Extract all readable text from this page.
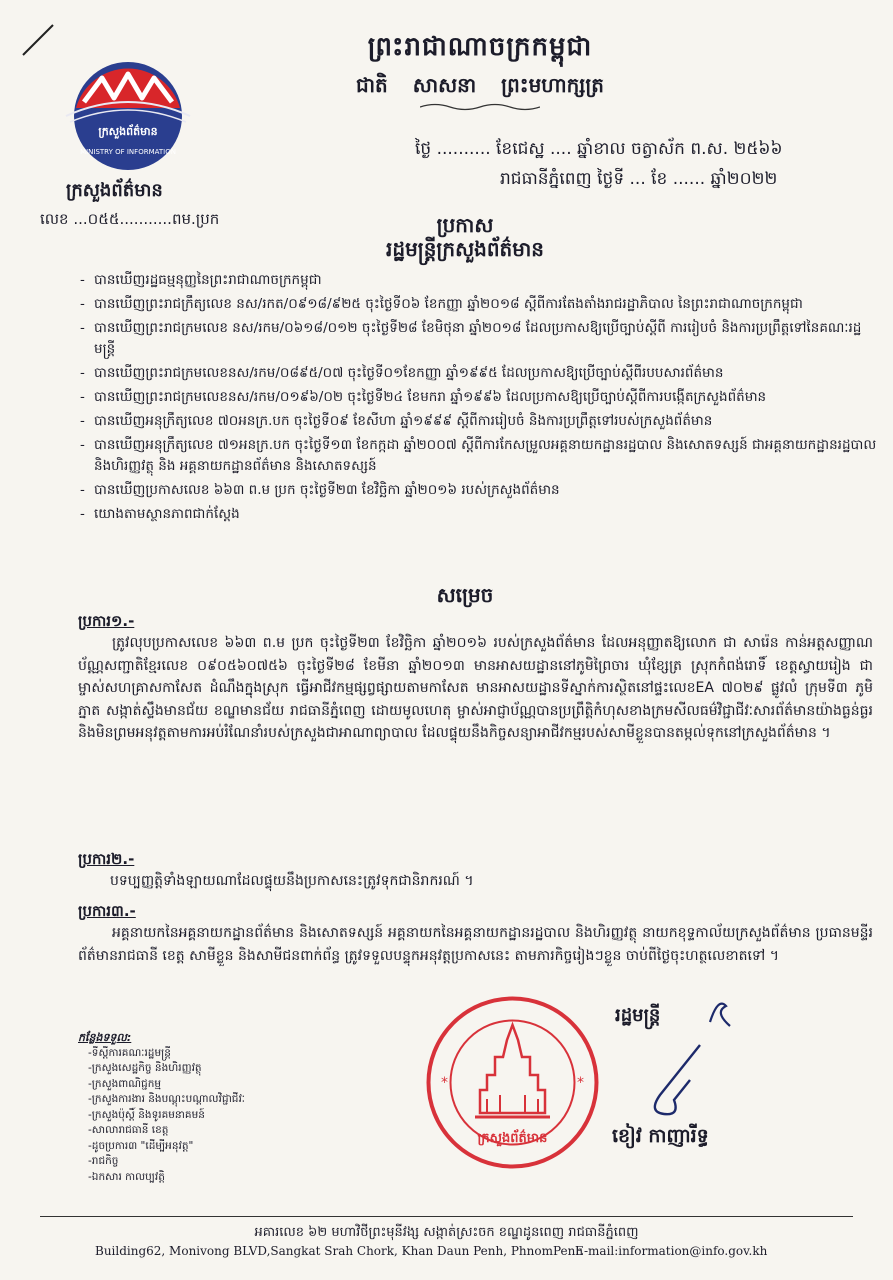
ក្រសួងព័ត៌មាន
MINISTRY OF INFORMATION
ព្រះរាជាណាចក្រកម្ពុជា
ជាតិ សាសនា ព្រះមហាក្សត្រ
ថ្ងៃ .......... ខែជេស្ឋ .... ឆ្នាំខាល ចត្វាស័ក ព.ស. ២៥៦៦
រាជធានីភ្នំពេញ ថ្ងៃទី ... ខែ ...... ឆ្នាំ២០២២
ក្រសួងព័ត៌មាន
លេខ ...០៥៥...........ពម.ប្រក	ប្រកាស
រដ្ឋមន្ត្រីក្រសួងព័ត៌មាន

- បានឃើញរដ្ឋធម្មនុញ្ញនៃព្រះរាជាណាចក្រកម្ពុជា

- បានឃើញព្រះរាជក្រឹត្យលេខ នស/រកត/០៩១៨/៩២៥ ចុះថ្ងៃទី០៦ ខែកញ្ញា ឆ្នាំ២០១៨ ស្ដីពីការតែងតាំងរាជរដ្ឋាភិបាល នៃព្រះរាជាណាចក្រកម្ពុជា

- បានឃើញព្រះរាជក្រមលេខ នស/រកម/០៦១៨/០១២ ចុះថ្ងៃទី២៨ ខែមិថុនា ឆ្នាំ២០១៨ ដែលប្រកាសឱ្យប្រើច្បាប់ស្ដីពី ការរៀបចំ និងការប្រព្រឹត្តទៅនៃគណៈរដ្ឋមន្ត្រី

- បានឃើញព្រះរាជក្រមលេខនស/រកម/០៨៩៥/០៧ ចុះថ្ងៃទី០១ខែកញ្ញា ឆ្នាំ១៩៩៥ ដែលប្រកាសឱ្យប្រើច្បាប់ស្ដីពីរបបសារព័ត៌មាន

- បានឃើញព្រះរាជក្រមលេខនស/រកម/០១៩៦/០២ ចុះថ្ងៃទី២៤ ខែមករា ឆ្នាំ១៩៩៦ ដែលប្រកាសឱ្យប្រើច្បាប់ស្ដីពីការបង្កើតក្រសួងព័ត៌មាន

- បានឃើញអនុក្រឹត្យលេខ ៧០អនក្រ.បក ចុះថ្ងៃទី០៩ ខែសីហា ឆ្នាំ១៩៩៩ ស្ដីពីការរៀបចំ និងការប្រព្រឹត្តទៅរបស់ក្រសួងព័ត៌មាន

- បានឃើញអនុក្រឹត្យលេខ ៧១អនក្រ.បក ចុះថ្ងៃទី១៣ ខែកក្កដា ឆ្នាំ២០០៧ ស្ដីពីការកែសម្រួលអគ្គនាយកដ្ឋានរដ្ឋបាល និងសោតទស្សន៍ ជាអគ្គនាយកដ្ឋានរដ្ឋបាល និងហិរញ្ញវត្ថុ និង អគ្គនាយកដ្ឋានព័ត៌មាន និងសោតទស្សន៍

- បានឃើញប្រកាសលេខ ៦៦៣ ព.ម ប្រក ចុះថ្ងៃទី២៣ ខែវិច្ឆិកា ឆ្នាំ២០១៦ របស់ក្រសួងព័ត៌មាន

- យោងតាមស្ថានភាពជាក់ស្ដែង

សម្រេច
ប្រការ១.-
ត្រូវលុបប្រកាសលេខ ៦៦៣ ព.ម ប្រក ចុះថ្ងៃទី២៣ ខែវិច្ឆិកា ឆ្នាំ២០១៦ របស់ក្រសួងព័ត៌មាន ដែលអនុញ្ញាតឱ្យលោក ជា សារ៉េន កាន់អត្តសញ្ញាណប័ណ្ណសញ្ជាតិខ្មែរលេខ ០៩០៥៦០៧៥៦ ចុះថ្ងៃទី២៨ ខែមីនា ឆ្នាំ២០១៣ មានអាសយដ្ឋាននៅភូមិព្រៃចារ ឃុំខ្សែត្រ ស្រុកកំពង់រោទិ៍ ខេត្តស្វាយរៀង ជាម្ចាស់សហគ្រាសកាសែត ដំណឹងក្នុងស្រុក ធ្វើអាជីវកម្មផ្សព្វផ្សាយតាមកាសែត មានអាសយដ្ឋានទីស្នាក់ការស្ថិតនៅផ្ទះលេខEA ៧០២៩ ផ្លូវលំ ក្រុមទី៣ ភូមិភ្នាត សង្កាត់ស្ទឹងមានជ័យ ខណ្ឌមានជ័យ រាជធានីភ្នំពេញ ដោយមូលហេតុ ម្ចាស់អាជ្ញាប័ណ្ណបានប្រព្រឹត្តិកំហុសខាងក្រមសីលធម៌វិជ្ជាជីវៈសារព័ត៌មានយ៉ាងធ្ងន់ធ្ងរ និងមិនព្រមអនុវត្តតាមការអប់រំណែនាំរបស់ក្រសួងជាអាណាព្យាបាល ដែលផ្ទុយនឹងកិច្ចសន្យាអាជីវកម្មរបស់សាមីខ្លួនបានតម្កល់ទុកនៅក្រសួងព័ត៌មាន ។
ប្រការ២.-
បទប្បញ្ញត្តិទាំងឡាយណាដែលផ្ទុយនឹងប្រកាសនេះត្រូវទុកជានិរាករណ៍ ។
ប្រការ៣.-
អគ្គនាយកនៃអគ្គនាយកដ្ឋានព័ត៌មាន និងសោតទស្សន៍ អគ្គនាយកនៃអគ្គនាយកដ្ឋានរដ្ឋបាល និងហិរញ្ញវត្ថុ នាយកខុទ្ទកាល័យក្រសួងព័ត៌មាន ប្រធានមន្ទីរព័ត៌មានរាជធានី ខេត្ត សាមីខ្លួន និងសាមីជនពាក់ព័ន្ធ ត្រូវទទួលបន្ទុកអនុវត្តប្រកាសនេះ តាមភារកិច្ចរៀងៗខ្លួន ចាប់ពីថ្ងៃចុះហត្ថលេខាតទៅ ។
កន្លែងទទួល:
-ទីស្ដីការគណៈរដ្ឋមន្ត្រី
-ក្រសួងសេដ្ឋកិច្ច និងហិរញ្ញវត្ថុ
-ក្រសួងពាណិជ្ជកម្ម
-ក្រសួងការងារ និងបណ្ដុះបណ្ដាលវិជ្ជាជីវៈ
-ក្រសួងប៉ុស្តិ៍ និងទូរគមនាគមន៍
-សាលារាជធានី ខេត្ត
-ដូចប្រការ៣ "ដើម្បីអនុវត្ត"
-រាជកិច្ច
-ឯកសារ កាលប្បវត្តិ
ក្រសួងព័ត៌មាន
*	*
រដ្ឋមន្ត្រី
ខៀវ កាញារីទ្ធ
អគារលេខ ៦២ មហាវិថីព្រះមុនីវង្ស សង្កាត់ស្រះចក ខណ្ឌដូនពេញ រាជធានីភ្នំពេញ
Building62, Monivong BLVD,Sangkat Srah Chork, Khan Daun Penh, PhnomPenh
E-mail:information@info.gov.kh
